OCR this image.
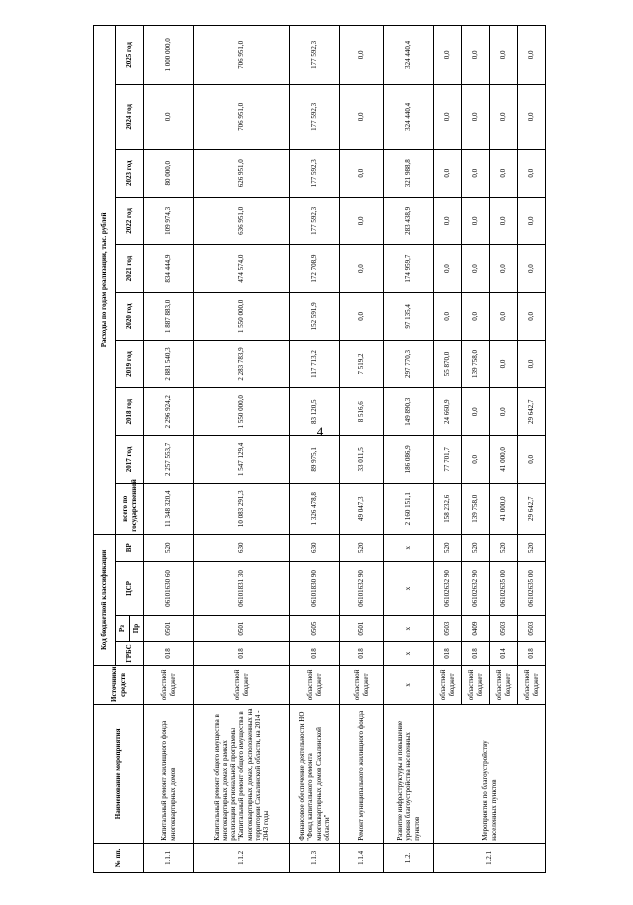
4
№ пп.	Наименование мероприятия	Источники средств	Код бюджетной классификации				Расходы по годам реализации, тыс. рублей									
			ГРБС	Рз	ЦСР	ВР	всего по государственной	2017 год	2018 год	2019 год	2020 год	2021 год	2022 год	2023 год	2024 год	2025 год
				Пр												
1.1.1	Капитальный ремонт жилищного фонда многоквартирных домов	областной бюджет	018	0501	06101630 60	520	11 348 320,4	2 257 553,7	2 296 924,2	2 881 540,3	1 887 883,0	834 444,9	109 974,3	80 000,0	0,0	1 000 000,0
1.1.2	Капитальный ремонт общего имущества в многоквартирных домах в рамках реализации региональной программы "Капитальный ремонт общего имущества в многоквартирных домах, расположенных на территории Сахалинской области, на 2014 - 2043 годы	областной бюджет	018	0501	06101831 30	630	10 083 291,3	1 547 129,4	1 550 000,0	2 283 783,9	1 550 000,0	474 574,0	636 951,0	626 951,0	706 951,0	706 951,0
1.1.3	Финансовое обеспечение деятельности НО "Фонд капитального ремонта многоквартирных домов Сахалинской области"	областной бюджет	018	0505	06101830 90	630	1 326 478,8	89 975,1	83 120,5	117 713,2	152 591,9	172 708,9	177 592,3	177 592,3	177 592,3	177 592,3
1.1.4	Ремонт муниципального жилищного фонда	областной бюджет	018	0501	06101632 90	520	49 047,3	33 011,5	8 516,6	7 519,2	0,0	0,0	0,0	0,0	0,0	0,0
1.2.	Развитие инфраструктуры и повышение уровня благоустройства населенных пунктов	х	х	х	х	х	2 160 151,1	186 086,9	149 890,3	297 770,3	97 135,4	174 959,7	283 438,9	321 988,8	324 440,4	324 440,4
1.2.1	Мероприятия по благоустройству населенных пунктов	областной бюджет	018	0503	06102632 90	520	158 232,6	77 701,7	24 660,9	55 870,0	0,0	0,0	0,0	0,0	0,0	0,0
		областной бюджет	018	0409	06102632 90	520	139 758,0	0,0	0,0	139 758,0	0,0	0,0	0,0	0,0	0,0	0,0
		областной бюджет	014	0503	06102635 00	520	41 000,0	41 000,0	0,0	0,0	0,0	0,0	0,0	0,0	0,0	0,0
		областной бюджет	018	0503	06102635 00	520	29 642,7	0,0	29 642,7	0,0	0,0	0,0	0,0	0,0	0,0	0,0
